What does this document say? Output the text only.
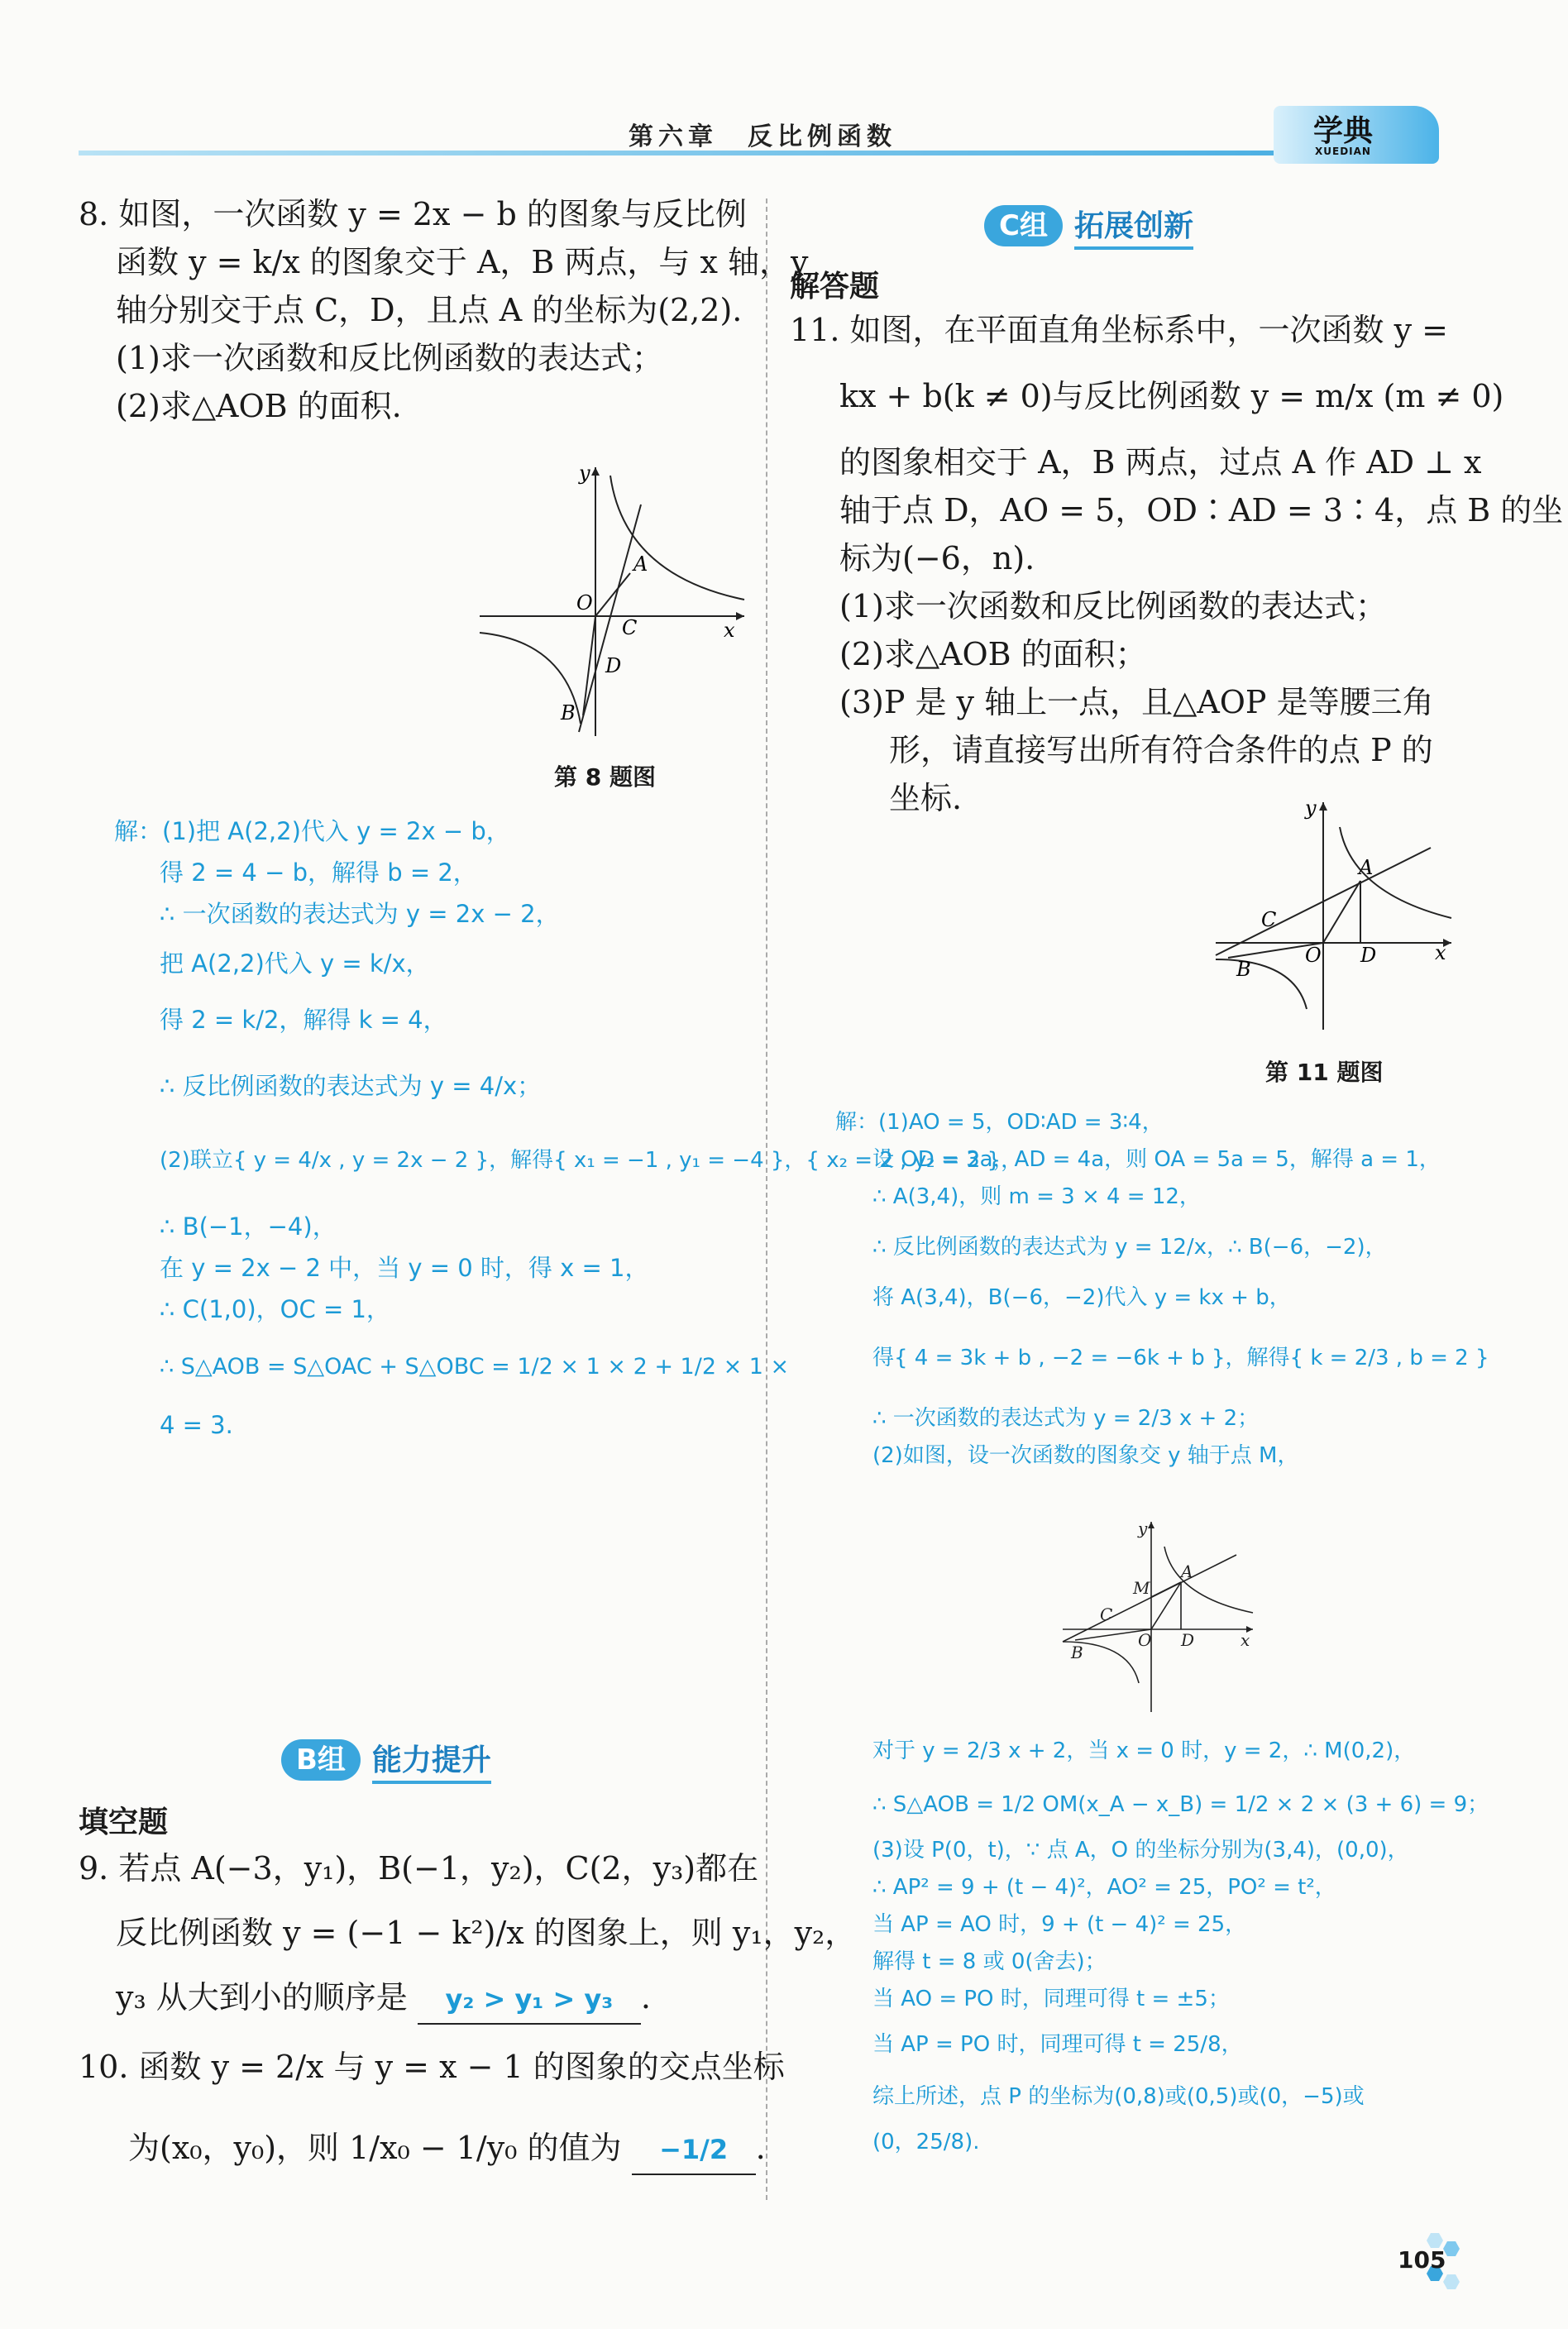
第六章　反比例函数	学典
XUEDIAN
8. 如图，一次函数 y = 2x − b 的图象与反比例
函数 y = k/x 的图象交于 A，B 两点，与 x 轴，y
轴分别交于点 C，D，且点 A 的坐标为(2,2).
(1)求一次函数和反比例函数的表达式；
(2)求△AOB 的面积.
y
x
O
A
B
C
D
第 8 题图
解：(1)把 A(2,2)代入 y = 2x − b，
得 2 = 4 − b，解得 b = 2，
∴ 一次函数的表达式为 y = 2x − 2，
把 A(2,2)代入 y = k/x，
得 2 = k/2，解得 k = 4，
∴ 反比例函数的表达式为 y = 4/x；
(2)联立{ y = 4/x , y = 2x − 2 }，解得{ x₁ = −1 , y₁ = −4 }，{ x₂ = 2 , y₂ = 2 }，
∴ B(−1，−4)，
在 y = 2x − 2 中，当 y = 0 时，得 x = 1，
∴ C(1,0)，OC = 1，
∴ S△AOB = S△OAC + S△OBC = 1/2 × 1 × 2 + 1/2 × 1 ×
4 = 3.
B组 能力提升
填空题
9. 若点 A(−3，y₁)，B(−1，y₂)，C(2，y₃)都在
反比例函数 y = (−1 − k²)/x 的图象上，则 y₁，y₂，
y₃ 从大到小的顺序是 y₂ > y₁ > y₃ .
10. 函数 y = 2/x 与 y = x − 1 的图象的交点坐标
为(x₀，y₀)，则 1/x₀ − 1/y₀ 的值为 −1/2 .
C组 拓展创新
解答题
11. 如图，在平面直角坐标系中，一次函数 y =
kx + b(k ≠ 0)与反比例函数 y = m/x (m ≠ 0)
的图象相交于 A，B 两点，过点 A 作 AD ⊥ x
轴于点 D，AO = 5，OD∶AD = 3∶4，点 B 的坐
标为(−6，n).
(1)求一次函数和反比例函数的表达式；
(2)求△AOB 的面积；
(3)P 是 y 轴上一点，且△AOP 是等腰三角
形，请直接写出所有符合条件的点 P 的
坐标.	y
x
O
A
B
C
D
第 11 题图
解：(1)AO = 5，OD∶AD = 3∶4，
设 OD = 3a，AD = 4a，则 OA = 5a = 5，解得 a = 1，
∴ A(3,4)，则 m = 3 × 4 = 12，
∴ 反比例函数的表达式为 y = 12/x，∴ B(−6，−2)，
将 A(3,4)，B(−6，−2)代入 y = kx + b，
得{ 4 = 3k + b , −2 = −6k + b }，解得{ k = 2/3 , b = 2 }
∴ 一次函数的表达式为 y = 2/3 x + 2；
(2)如图，设一次函数的图象交 y 轴于点 M，
y
x
O
A
B
C
D
M
对于 y = 2/3 x + 2，当 x = 0 时，y = 2，∴ M(0,2)，
∴ S△AOB = 1/2 OM(x_A − x_B) = 1/2 × 2 × (3 + 6) = 9；
(3)设 P(0，t)，∵ 点 A，O 的坐标分别为(3,4)，(0,0)，
∴ AP² = 9 + (t − 4)²，AO² = 25，PO² = t²，
当 AP = AO 时，9 + (t − 4)² = 25，
解得 t = 8 或 0(舍去)；
当 AO = PO 时，同理可得 t = ±5；
当 AP = PO 时，同理可得 t = 25/8，
综上所述，点 P 的坐标为(0,8)或(0,5)或(0，−5)或
(0，25/8).
105
